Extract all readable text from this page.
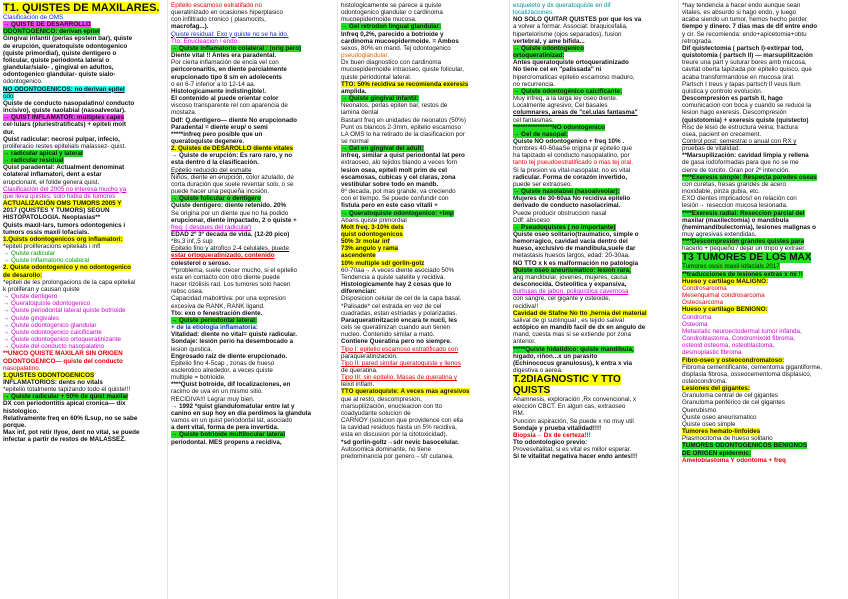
T1. QUISTES DE MAXILARES.

Clasificación de OMS

→ QUISTE DE DESARROLLO

ODONTOGENICO: derivan epitel

Gingival infantil (perlas epstein bar), quiste

de erupción, queratoquiste odontogenico

(quiste primordial), quiste dentigero o

folicular, quiste periodonta lateral o

glandular/sialo- , gingival en adultos,

odontogenico glandular- quiste sialo-

odontogenico.

NO ODONTOGENICOS: no derivan epitel

odo

Quiste de conducto nasopalatino/ conducto

incisivo), quiste naolabial (nasoalveolar).

→ QUIST INFLAMATOR: múltiples capes

cel·lulars (pluriestratificats) + epiteli molt

dur.

Quist radicular: necrosi pulpar, infecio,

proliferacio restes epitelials malassez- quist.

→ radicular apical y lateral

→ radicular residual

Quist paradental: Actualment denominat

colateral inflamatori, dent a estar

erupcionant, el folide genera quist.

Clasificación del 2005 no interesa mucho ya

que lleva quistes, solo habla de tumores

ACTUALIZACIÓN OMS TUMORS 2005 Y

2017 (QUISTES Y TUMORS) SEGUN

HISTOPATOLOGIA. Neoplasias**

Quists maxil·lars, tumors odontogenics i

tumors ossis maxil·lofacials.

1.Quists odontogenicos org inflamatori:

*epiteli proliferacions epitelials i infl

→ Quiste radicular

→ Quiste inflamatorio colateral

2. Quiste odontogenico y no odontogenico

de desarollo:

*epiteli de les prolongacions de la capa epitelial

k proliferan y causan quiste

→ Quiste dentigero

→ Queratoquiste odontogenico

→ Quiste periodontal lateral quiste botrioide

→ Quiste gingivales

→ Quiste odontogenico glandular

→ Quiste odontogenico calcificante

→ Quiste odontogenico ortoqueratinizante

→ Quiste del conducto nasopalatino

**UNICO QUISTE MAXILAR SIN ORIGEN

ODONTOGENICO— quiste del conducto

nasopalatino.

1.QUISTES ODONTOGENICOS

INFLAMATORIOS: dents no vitals

*epitelio totalmente tapizando todo el quiste!!!

→ Quiste radicular + 50% de quist maxilar

DX con periodontitis apical cronica— dix

histologico.

Relativamente freq en 60% lLsup, no se sabe

porque.

Max inf, pot retir llyoe, dent no vital, se puede

infectar a partir de restos de MALASSEZ.

Epitelio escamoso estratifado no

queratinizado en ocasiones hiperplasico

con infiltrado cronico ( plasmocits,

macrofag...).

Quiste residual: Exo y quiste no se ha ido.

Tto: Enucleacion / endo.

→ Quiste inflamatorio colateral : (orig pero)

Diente vital !! Antes era paradental.

Por cierta inflamación de encia vel con

pericoronaritis, en diente parcialmente

erupcionado tipo 8 s/n en adolecents

o en 6-7 inferior a lo 12-14 aa.

Histologicamente indistingible!.

El contenido al puede orientar color

viscoso transparente rel con aparencia de

mostaza.

Ddf: Q.dentigero— diente No erupcionado

Paradental = diente erup/ o semi

*****infreq pero posible que un

queratoquiste degenere.

2. Quistes de DESAROLLO diente vitales

→ Quiste de erupción: Es raro raro, y no

esta dentro d la clasificación.

Epitelio reducido del esmalte

Niños, diente en erupción, color azulado, de

corta duración que suele reventar solo, o se

puede hacer una pequeña incisión.

→ Quiste folicular o dentigero

Quiste dentigero: diente retenido. 20%

Se origina por un diente que no ha podido

erupcionar, diente impactado, 2 o quiste +

freq. ( despues del radicular)

EDAD 2º 3º decada de vida. (12-20 pico)

*8s,3 inf,,5 sup

Epitelio fino y atrofico 2-4 celulales, puede

estar ortoqueratinizado, contenido

colesterol o seroso.

**problema, suele crecer mucho, si el epitelio

esta en contacto con otro diente puede

hacer rizólisis rad. Los tumores solo hacen

rebsc osea.

Capacidad mabolrtiva: por una expresion

excesiva de RANK, RANK ligand.

Tto: exo o fenestración diente.

→ Quiste periodontal lateral:

+ de la etiologia inflamatoria:

Vitalidad: diente no vital= quiste radicular.

Sondaje: lesión perio ha desembocado a

lesion quistica.

Engrosado raiz de diente erupcionado.

Epitelio fino 4-5cap , zonas de hueso

esclerotico alrededor, a veces quiste

multiple = botrioide.

****Quist botroide, dif localizaciones, en

racimo de uva en un mismo sitio.

RECIDIVA!!! Legrar muy bien.

→ 1992 *quist glandulomatular entre lat y

canino en sup hoy en dia perdimos la glandula

vamos en un quist periodontal lat, asociado

a dent vital, forma de pera invertida.

→ Quiste botrioide multilocular lateral

periodontal. MES propens a recidiva,

histologicamente se parece a quiste

odontogenico glandular o cardinoma

mucoepidermoide mucosa.

→ Gel retrodon lingual glandular:

Infreq 0,2%, parecido a botrioide y

cardinoma mucoepidermoide. = Ambos

sexos, 80% en mand. Tej odontogenico

pseudoglandular.

Dx buen diagnostico con cardinoma

mucoepidermoide intraoseo, quiste folicular,

quiste periodontal lateral.

TTO: 50% recidiva se recomienda exeresis

amplida.

→ Quiste gingival infantil:

Neonatos, perlas epiten bar, restos de

lamina dental

Bastant freq en unidades de neonatos (50%)

Punt os blancos 2-3mm, epitelio escamoso

LA OMS lo ha retirado de la clasificacion por

se normal

→ Gel en gingival del adult:

Infreq, similar a quist periodontal lat pero

extraoseo, alo tejidos blando a veces forn

lesion osea, epiteli molt prim de cel

escamosas, cubicas y cel claras, zona

vestibular sobre todo en mandb.

6º decada, pot mas grande, va creciendo

con el tiempo. Se puede confundir con

fistula pero en este caso vitalli +

→ Queratoquiste odontogenico: +Imp

Abans quiste primordial

Molt freq. 3-10% dels

quist odontogenicos

50% 3r molar inf

73% angulo y rama

ascendente

10% multiple sd/ gorlin-golz

60-70aa→ A veces diente asociado 50%

Tendencia a quiste satelite y recidiva.

Histologicamente hay 2 cosas que lo

diferencian:

Disposicion celular de cel de la capa basal.

*Palisade* cel estrada en vez de cel

cuadradas, estan estriadas y polarizadas.

Paraqueratinització encara te nucli, les

cels se queratinizan cuando aun tienen

nucleo. Contenido similar a mató.

Contiene Queratina pero no siempre.

Tipo I: epitelio escamoso estratificado con

paraqueratinización.

Tipo II: pared similar queratoquiste y llenos

de queratina.

Tipo III: sin epitelio. Masas de queratina y

teixit inflam.

TTO queratoquiste: A veces mas agresivos

que al resto, descompresion,

marsupilización, enucleacion con tto

coadyudante solucion de

CARNOY (solucion que providence con ella

la cavidad residuos hasta un 5% recidiva,

esta en discusion por la citotoxicidad).

*sd gorlin-goltz→sdr nevic basocelular.

Autosomica dominante, no tiene

predominancia por genero→sfr cutanea,

esqueleto y dx queratoquiste en dif

localizaciones.

NO SOLO QUITAR QUISTES por que los va

a volver a formar. Associat: braquicefalia,

hipertelorisme (ojos separados), fusion

vertebral, y ame bifida...

→ Quiste odontogenico

ortoqueratinizad:

Antes queratoquiste ortoqueratinizado

No tiene cel en "palissada" ni

hipercromaticas epitelio escamoso maduro,

no recurrencia.

→ Quiste odontogénico calcificante:

Muy infreq, a la larga ley oseo diente.

Localmente agresivo, Cel basales

columnares, areas de "cel.ulas fantasma"

cel fantasmas.

****************NO odontogenico

→ Gel de nasopal:

Quiste NO odontogenico + freq 10% .

hombres 40-60aaSe origina pr epitelio que

ha tapizado el conducto nasopalatino, por

tanto tej pseudoestratificado o mas tej oral.

Si la presion va vital-nasopalat. no es vital

radicular. Forma de corazón invertido,

puede ser extraoseo.

→ Quiste nasolabial (nasoalveolar):

Mujeres de 30-60aa No recidiva epitelio

derivado de conducto nasolacrimal.

Puede producir obstruccion nasal

Ddf: absceso

→ Pseudoquistes ( no importante)

Quiste oseo solitario(traumatico, simple o

hemorragico, cavidad vacia dentro del

hueso, exclusivo de mandibula,suele dar

metastasis huesos largos, edad: 20-30aa.

NO TTO x k es malformación no patologia

Quiste oseo aneurismático: lesion rara,

ang mandibular, jovenes, mujeres, causa

desconocida. Osteolitica y expansiva,

burbujas de jabon, poliquistica cavernosa

con sangre, cel gigante y osteoide,

recidiva!!

Cavidad de Stafne No tto ,hernia del material

salival de gl sublingual , es tejido salival

ectópico en mandib facil de dx en angulo de

mand, cuesta mas si se extiende por zona

anterior.

*****Quiste hidatidico: quiste mandibula,

higado, riñon...x un parasito

(Echinococus granulosus), k entra x via

digestiva o aerea.

T.2DIAGNOSTIC Y TTO

QUISTS

Anamnesis, exploración ,Rx convencional, x

elección CBCT. En algun cas, extraoseo

RM.

Punción aspiración, Se puede x no muy util

Sondaje y prueba vitalidad!!!!

Biopsia→ Dx de certeza!!!

Tto odontologico previo:

Provesvitalitat, si es vital es millor esperar.

Si te vitalitat negativa hacer endo antes!!!

*hay tendencia a hacer endo aunque sean

vitales, es absurdo si hago endo, y luego

acaba siendo un tumor, hemos hecho perder

tiempo y dinero. 7 dias mas de dif entre endo

y cir. Se recomienda: endo+apicetomia+obtu

retrograda.

Dif quistectomia ( partsch I)-extirpar tod,

quistotomia ( partsch II) — marsupilitzación

treure una part y suturar bores amb mucosa,

cavitat oberta tapizada por epitelio quisco, que

acaba transformandose en mucosa oral.

Partsch I treus y tapas partsch II veus llum

quistica y controlo evolución.

Descompresión es partsh II, hago

comunicacion con boca y cuando se reduce la

lesion hago exeresis. Descompresión

(quistotomia) + exeresis quiste (quistecto)

Risc de lesió de estructura veina, fractura

osea, pacient en crecement.

Control post: semestral o anual con RX y

pruebas de vitalidad.

**Marsupilización: cavidad limpia y rellena

de gasa iodoformadas para que no se me

cierre de torcito. Gran por 2º intención.

****Exeresis simple: Respecta paredes oseas

con curetas, fresas grandes de acero

inoxidable, pinza gubia, etc.

EXO dientes implicados// en relación con

lesión→ reseccion mucosa lesionada.

****Exeresis radial: Reseccion parcial del

maxilar (maxilectomia) o mandibula

(hemimandibulectomia), lesiones malignas o

muy agresivas extendidas.

****Descompresión grandes quistes para

hacerlo + pequeño / dejar un tmpo y extraer.

T3 TUMORES DE LOS MAX

Tumores ossis maxil·lofacials 2017

**traducciones de lesiones extras x mi !!

Hueso y cartilago MALIGNO:

Condrosarcoma

Mesenquimal condrosarcoma

Osteosarcoma

Hueso y cartilago BENIGNO:

Condroma

Osteoma

Metastatic neuroectodermal tumor infanda,

Condroblastoma, Condromixoid fibroma,

osteoid osteoma, osteoblastoma,

desmoplastic fibroma

Fibro-oseo y osteocondromatoso:

Fibroma cementificante, cementoma gigantiforme,

displasia fibrosa, osseocementoma displasico,

osteocondroma.

Lesiones del gigantes:

Granuloma central de cel gigantes

Granuloma periférico de cel gigantes

Querubismo

Quiste oseo aneurismatico

Quiste oseo simple

Tumores hemato-linfoides

Plasmocitoma de hueso solitario

TUMORES ODONTOGENICOS BENIGNOS

DE ORIGEN epidermic:

Ameloblastoma Y odontoma + freq
